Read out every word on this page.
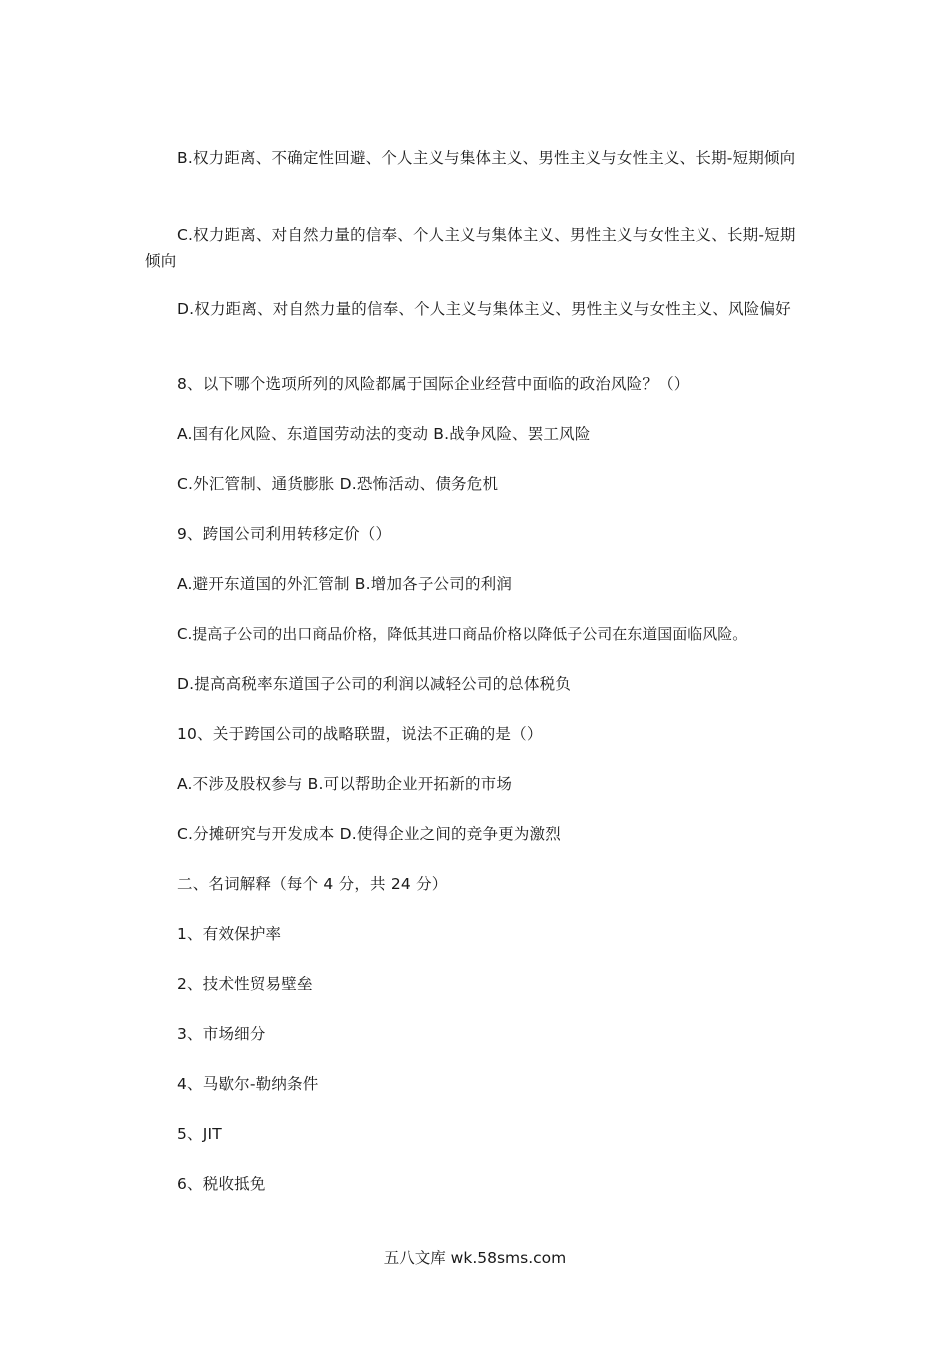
B.权力距离、不确定性回避、个人主义与集体主义、男性主义与女性主义、长期-短期倾向

C.权力距离、对自然力量的信奉、个人主义与集体主义、男性主义与女性主义、长期-短期倾向

D.权力距离、对自然力量的信奉、个人主义与集体主义、男性主义与女性主义、风险偏好

8、以下哪个选项所列的风险都属于国际企业经营中面临的政治风险？（）

A.国有化风险、东道国劳动法的变动 B.战争风险、罢工风险

C.外汇管制、通货膨胀 D.恐怖活动、债务危机

9、跨国公司利用转移定价（）

A.避开东道国的外汇管制 B.增加各子公司的利润

C.提高子公司的出口商品价格，降低其进口商品价格以降低子公司在东道国面临风险。

D.提高高税率东道国子公司的利润以减轻公司的总体税负

10、关于跨国公司的战略联盟，说法不正确的是（）

A.不涉及股权参与 B.可以帮助企业开拓新的市场

C.分摊研究与开发成本 D.使得企业之间的竞争更为激烈

二、名词解释（每个 4 分，共 24 分）

1、有效保护率

2、技术性贸易壁垒

3、市场细分

4、马歇尔-勒纳条件

5、JIT

6、税收抵免

五八文库 wk.58sms.com
